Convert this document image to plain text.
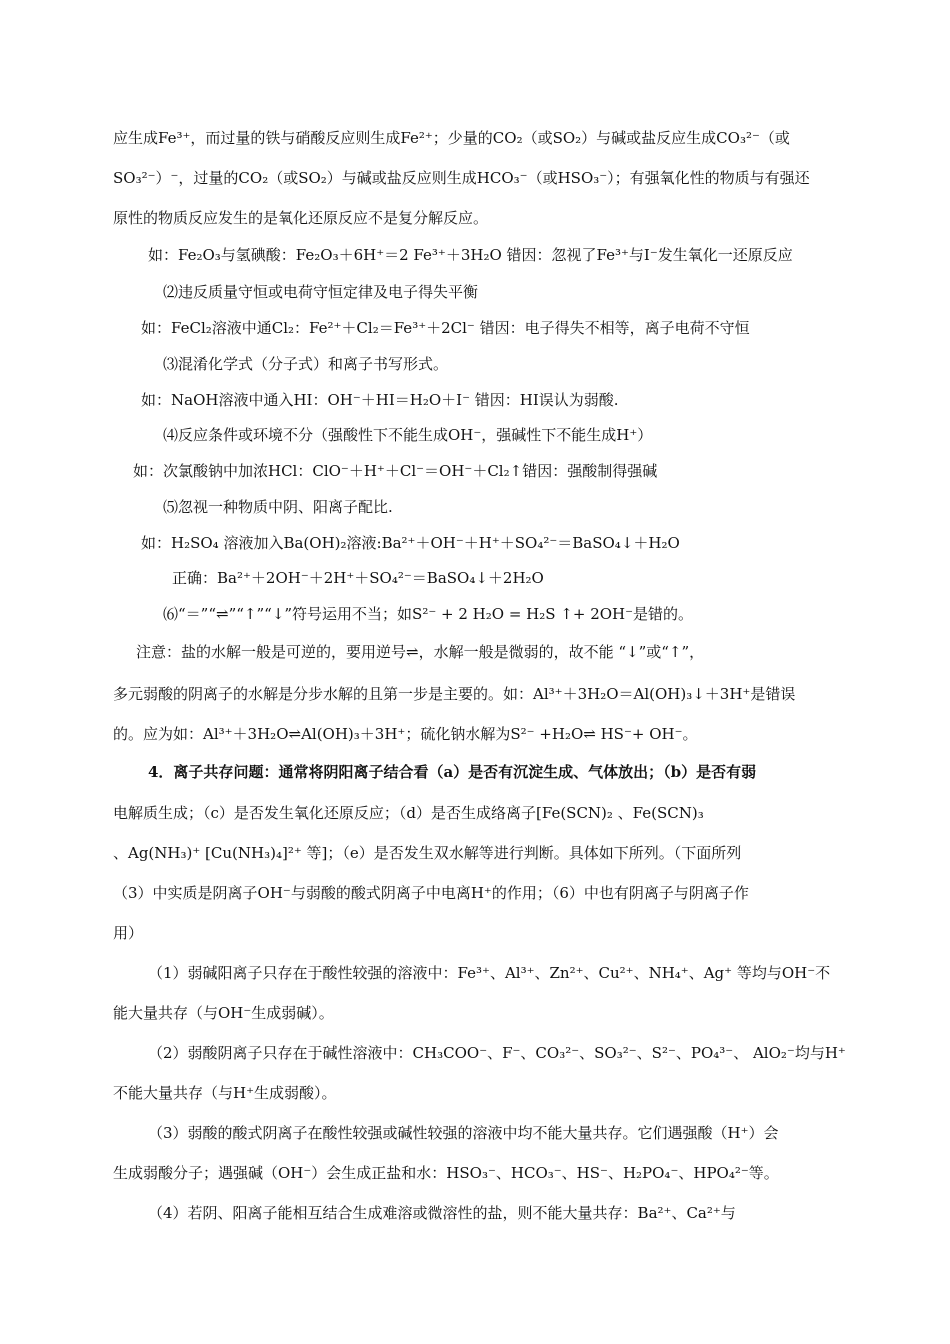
应生成Fe³⁺，而过量的铁与硝酸反应则生成Fe²⁺；少量的CO₂（或SO₂）与碱或盐反应生成CO₃²⁻（或
SO₃²⁻）⁻，过量的CO₂（或SO₂）与碱或盐反应则生成HCO₃⁻（或HSO₃⁻）；有强氧化性的物质与有强还
原性的物质反应发生的是氧化还原反应不是复分解反应。
如：Fe₂O₃与氢碘酸：Fe₂O₃＋6H⁺＝2 Fe³⁺＋3H₂O 错因：忽视了Fe³⁺与I⁻发生氧化一还原反应
⑵违反质量守恒或电荷守恒定律及电子得失平衡
如：FeCl₂溶液中通Cl₂：Fe²⁺＋Cl₂＝Fe³⁺＋2Cl⁻ 错因：电子得失不相等，离子电荷不守恒
⑶混淆化学式（分子式）和离子书写形式。
如：NaOH溶液中通入HI：OH⁻＋HI＝H₂O＋I⁻ 错因：HI误认为弱酸.
⑷反应条件或环境不分（强酸性下不能生成OH⁻，强碱性下不能生成H⁺）
如：次氯酸钠中加浓HCl：ClO⁻＋H⁺＋Cl⁻＝OH⁻＋Cl₂↑错因：强酸制得强碱
⑸忽视一种物质中阴、阳离子配比.
如：H₂SO₄ 溶液加入Ba(OH)₂溶液:Ba²⁺＋OH⁻＋H⁺＋SO₄²⁻＝BaSO₄↓＋H₂O
正确：Ba²⁺＋2OH⁻＋2H⁺＋SO₄²⁻＝BaSO₄↓＋2H₂O
⑹“＝”“⇌”“↑”“↓”符号运用不当；如S²⁻ + 2 H₂O = H₂S ↑+ 2OH⁻是错的。
注意：盐的水解一般是可逆的，要用逆号⇌，水解一般是微弱的，故不能 “↓”或“↑”，
多元弱酸的阴离子的水解是分步水解的且第一步是主要的。如：Al³⁺＋3H₂O＝Al(OH)₃↓＋3H⁺是错误
的。应为如：Al³⁺＋3H₂O⇌Al(OH)₃＋3H⁺；硫化钠水解为S²⁻ +H₂O⇌ HS⁻+ OH⁻。
4．离子共存问题：通常将阴阳离子结合看（a）是否有沉淀生成、气体放出；（b）是否有弱
电解质生成；（c）是否发生氧化还原反应；（d）是否生成络离子[Fe(SCN)₂ 、Fe(SCN)₃
、Ag(NH₃)⁺ [Cu(NH₃)₄]²⁺ 等]；（e）是否发生双水解等进行判断。具体如下所列。（下面所列
（3）中实质是阴离子OH⁻与弱酸的酸式阴离子中电离H⁺的作用；（6）中也有阴离子与阴离子作
用）
（1）弱碱阳离子只存在于酸性较强的溶液中：Fe³⁺、Al³⁺、Zn²⁺、Cu²⁺、NH₄⁺、Ag⁺ 等均与OH⁻不
能大量共存（与OH⁻生成弱碱）。
（2）弱酸阴离子只存在于碱性溶液中：CH₃COO⁻、F⁻、CO₃²⁻、SO₃²⁻、S²⁻、PO₄³⁻、 AlO₂⁻均与H⁺
不能大量共存（与H⁺生成弱酸）。
（3）弱酸的酸式阴离子在酸性较强或碱性较强的溶液中均不能大量共存。它们遇强酸（H⁺）会
生成弱酸分子；遇强碱（OH⁻）会生成正盐和水：HSO₃⁻、HCO₃⁻、HS⁻、H₂PO₄⁻、HPO₄²⁻等。
（4）若阴、阳离子能相互结合生成难溶或微溶性的盐，则不能大量共存：Ba²⁺、Ca²⁺与
